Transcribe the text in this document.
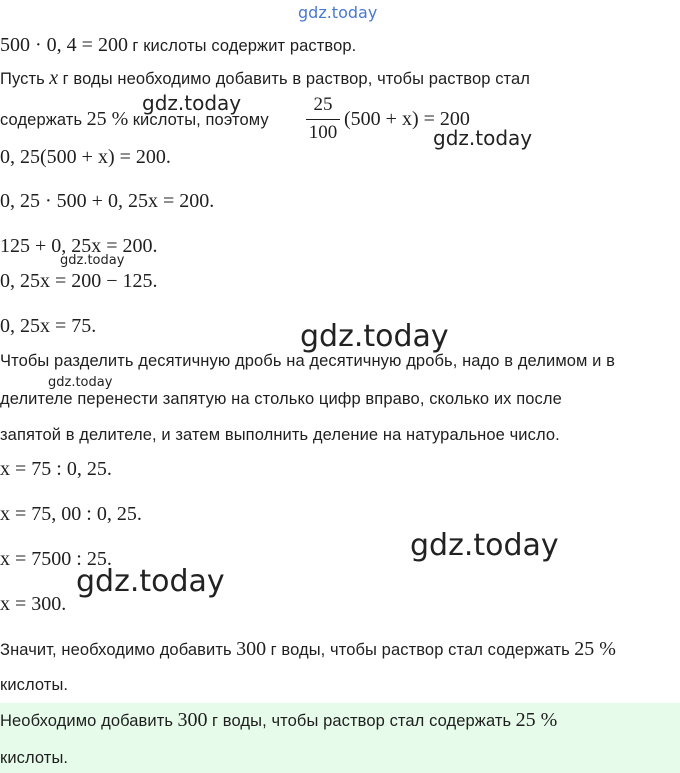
gdz.today
500 · 0, 4 = 200 г кислоты содержит раствор.
Пусть x г воды необходимо добавить в раствор, чтобы раствор стал
содержать 25 % кислоты, поэтому
25
100
(500 + x) = 200
0, 25(500 + x) = 200.
0, 25 · 500 + 0, 25x = 200.
125 + 0, 25x = 200.
0, 25x = 200 − 125.
0, 25x = 75.
Чтобы разделить десятичную дробь на десятичную дробь, надо в делимом и в
делителе перенести запятую на столько цифр вправо, сколько их после
запятой в делителе, и затем выполнить деление на натуральное число.
x = 75 : 0, 25.
x = 75, 00 : 0, 25.
x = 7500 : 25.
x = 300.
Значит, необходимо добавить 300 г воды, чтобы раствор стал содержать 25 %
кислоты.
Необходимо добавить 300 г воды, чтобы раствор стал содержать 25 %
кислоты.
gdz.today
gdz.today
gdz.today
gdz.today
gdz.today
gdz.today
gdz.today
